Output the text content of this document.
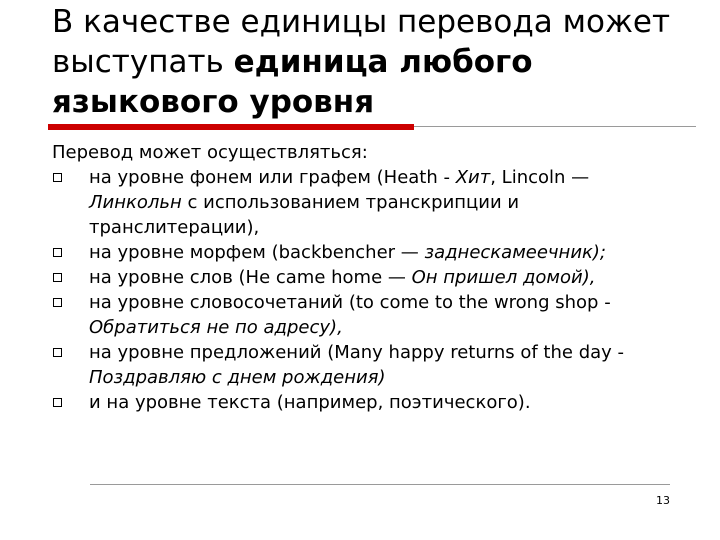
В качестве единицы перевода может выступать единица любого языкового уровня

Перевод может осуществляться:

на уровне фонем или графем (Heath - Хит, Lincoln —Линкольн с использованием транскрипции и транслитерации),
на уровне морфем (backbencher — заднескамеечник);
на уровне слов (He came home — Он пришел домой),
на уровне словосочетаний (to come to the wrong shop - Обратиться не по адресу),
на уровне предложений (Many happy returns of the day - Поздравляю с днем рождения)
и на уровне текста (например, поэтического).
13
